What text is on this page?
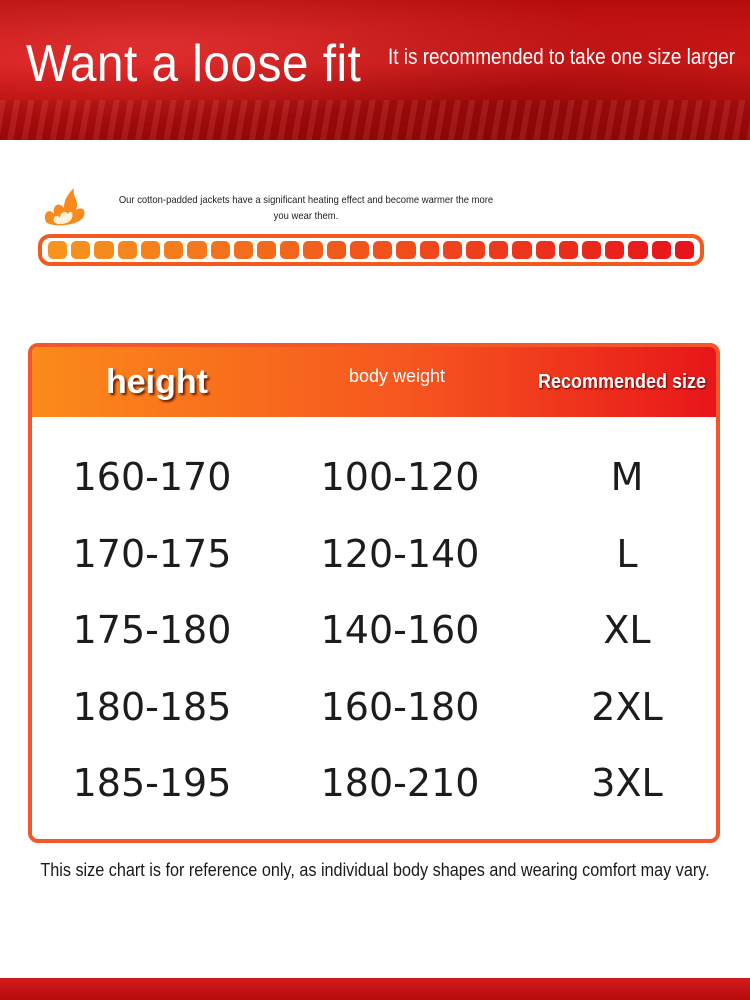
Want a loose fit It is recommended to take one size larger

Our cotton-padded jackets have a significant heating effect and become warmer the more you wear them.

height	body weight	Recommended size
160-170	100-120	M
170-175	120-140	L
175-180	140-160	XL
180-185	160-180	2XL
185-195	180-210	3XL

This size chart is for reference only, as individual body shapes and wearing comfort may vary.
